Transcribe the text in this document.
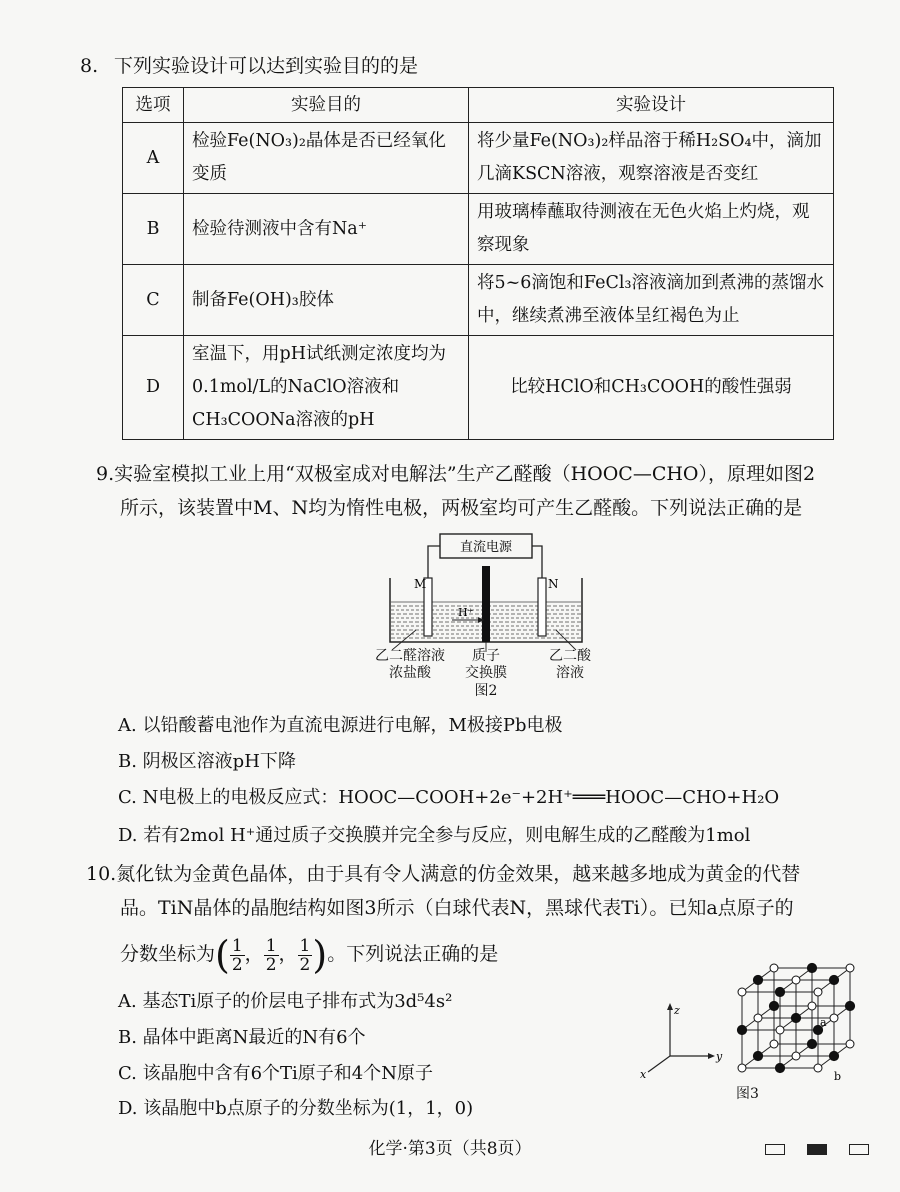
8. 下列实验设计可以达到实验目的的是
选项	实验目的	实验设计
A	检验Fe(NO₃)₂晶体是否已经氧化变质	将少量Fe(NO₃)₂样品溶于稀H₂SO₄中，滴加几滴KSCN溶液，观察溶液是否变红
B	检验待测液中含有Na⁺	用玻璃棒蘸取待测液在无色火焰上灼烧，观察现象
C	制备Fe(OH)₃胶体	将5~6滴饱和FeCl₃溶液滴加到煮沸的蒸馏水中，继续煮沸至液体呈红褐色为止
D	室温下，用pH试纸测定浓度均为0.1mol/L的NaClO溶液和CH₃COONa溶液的pH	比较HClO和CH₃COOH的酸性强弱
9.实验室模拟工业上用“双极室成对电解法”生产乙醛酸（HOOC—CHO），原理如图2
所示，该装置中M、N均为惰性电极，两极室均可产生乙醛酸。下列说法正确的是
直流电源
M	N
H⁺
乙二醛溶液
浓盐酸
质子
交换膜
乙二酸
溶液
图2
A. 以铅酸蓄电池作为直流电源进行电解，M极接Pb电极
B. 阴极区溶液pH下降
C. N电极上的电极反应式：HOOC—COOH+2e⁻+2H⁺═══HOOC—CHO+H₂O
D. 若有2mol H⁺通过质子交换膜并完全参与反应，则电解生成的乙醛酸为1mol
10.氮化钛为金黄色晶体，由于具有令人满意的仿金效果，越来越多地成为黄金的代替
品。TiN晶体的晶胞结构如图3所示（白球代表N，黑球代表Ti）。已知a点原子的
分数坐标为( $\frac{1}{2}$ ， $\frac{1}{2}$ ， $\frac{1}{2}$ )。下列说法正确的是
A. 基态Ti原子的价层电子排布式为3d⁵4s²
B. 晶体中距离N最近的N有6个
C. 该晶胞中含有6个Ti原子和4个N原子
D. 该晶胞中b点原子的分数坐标为(1，1，0)
z
y
x
a
b
图3
化学·第3页（共8页）
